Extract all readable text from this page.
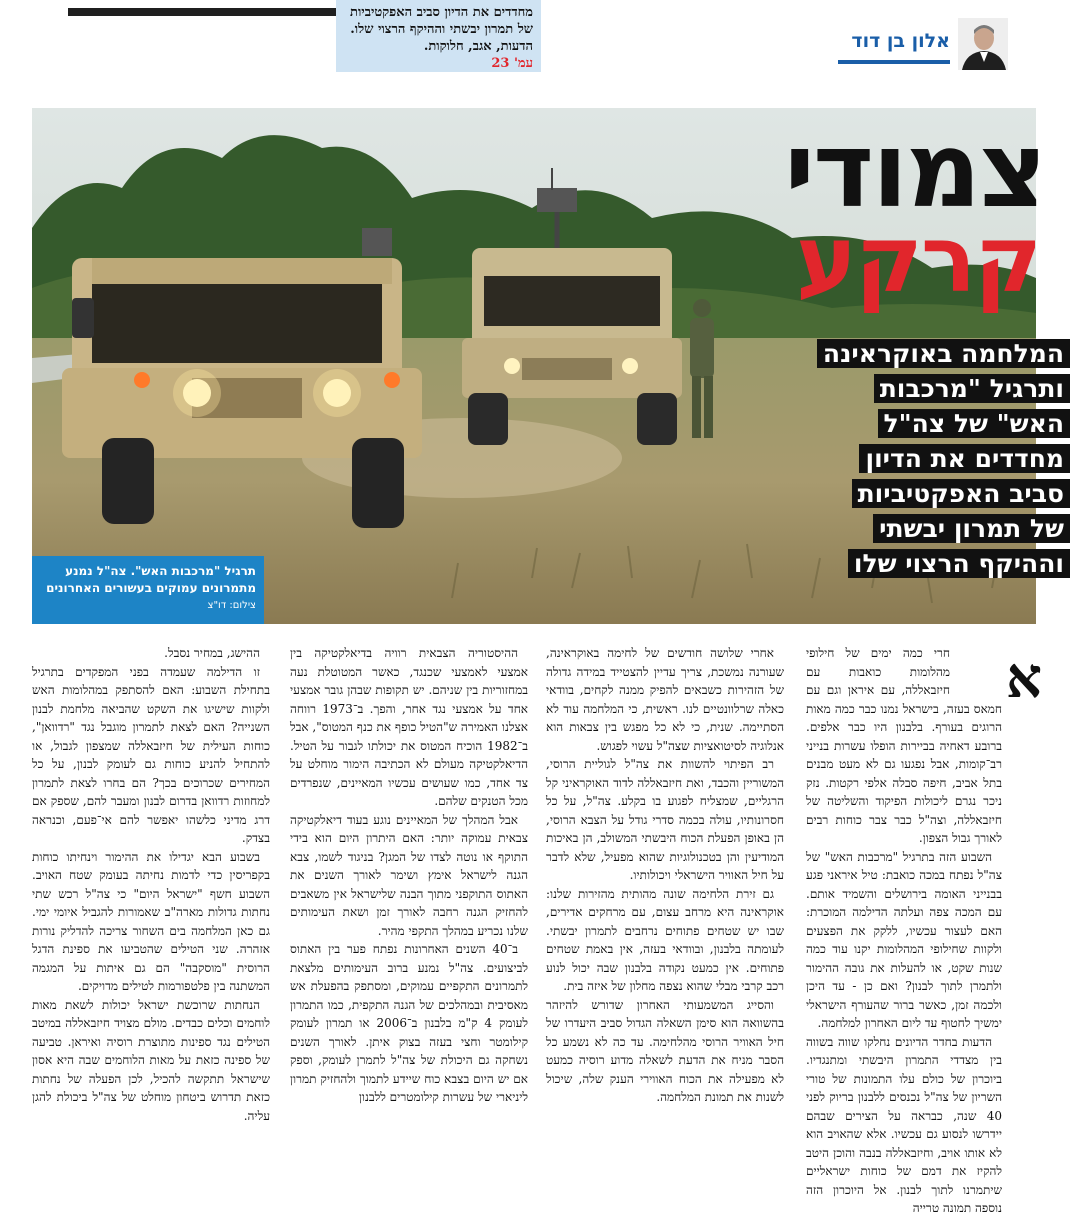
מחדדים את הדיון סביב האפקטיביות
של תמרון יבשתי וההיקף הרצוי שלו.
הדעות, אגב, חלוקות.
עמ' 23
אלון בן דוד
צמודי
קרקע
המלחמה באוקראינה
ותרגיל "מרכבות
האש" של צה"ל
מחדדים את הדיון
סביב האפקטיביות
של תמרון יבשתי
וההיקף הרצוי שלו
תרגיל "מרכבות האש". צה"ל נמנע מתמרונים עמוקים בעשורים האחרונים
צילום: דו"צ
א

חרי כמה ימים של חילופי מהלומות כואבות עם חיזבאללה, עם איראן וגם עם חמאס בעזה, בישראל נמנו כבר כמה מאות הרוגים בעורף. בלבנון היו כבר אלפים. ברובע דאחיה בביירות הופלו עשרות בנייני רב־קומות, אבל נפגעו גם לא מעט מבנים בתל אביב, חיפה סבלה אלפי רקטות. נזק ניכר נגרם ליכולות הפיקוד והשליטה של חיזבאללה, וצה"ל כבר צבר כוחות רבים לאורך גבול הצפון.

השבוע הזה בתרגיל "מרכבות האש" של צה"ל נפתח במכה כואבת: טיל איראני פגע בבנייני האומה בירושלים והשמיד אותם. עם המכה צפה ועלתה הדילמה המוכרת: האם לעצור עכשיו, ללקק את הפצעים ולקוות שחילופי המהלומות יקנו עוד כמה שנות שקט, או להעלות את גובה ההימור ולתמרן לתוך לבנון? ואם כן - עד היכן ולכמה זמן, כאשר ברור שהעורף הישראלי ימשיך לחטוף עד ליום האחרון למלחמה.

הדעות בחדר הדיונים נחלקו שווה בשווה בין מצדדי התמרון היבשתי ומתנגדיו. ביוכרון של כולם עלו התמונות של טורי השריון של צה"ל נכנסים ללבנון בריוק לפני 40 שנה, כבראה על הצירים שבהם יידרשו לנסוע גם עכשיו. אלא שהאויב הוא לא אותו אויב, וחיזבאללה בנבה והוכן היטב להקיז את דמם של כוחות ישראליים שיתמרנו לתוך לבנון. אל היוכרון הזה נוספה תמונה טרייה

אחרי שלושה חודשים של לחימה באוקראינה, שעורנה נמשכת, צריך עדיין להצטייד במידה גדולה של הזהירות כשבאים להפיק ממנה לקחים, בוודאי כאלה שרלוונטיים לנו. ראשית, כי המלחמה עוד לא הסתיימה. שנית, כי לא כל מפגש בין צבאות הוא אנלוגיה לסיטואציות שצה"ל עשוי לפגוש.

רב הפיתוי להשוות את צה"ל לגוליית הרוסי, המשוריין והכבד, ואת חיזבאללה לדוד האוקראיני קל הרגליים, שמצליח לפגוע בו בקלע. צה"ל, על כל חסרונותיו, עולה בכמה סדרי גודל על הצבא הרוסי, הן באופן הפעלת הכוח היבשתי המשולב, הן באיכות המודיעין והן בטכנולוגיות שהוא מפעיל, שלא לדבר על חיל האוויר הישראלי ויכולותיו.

גם זירת הלחימה שונה מהותית מהזירות שלנו: אוקראינה היא מרחב עצום, עם מרחקים אדירים, שבו יש שטחים פתוחים נרחבים לתמרון יבשתי. לעומתה בלבנון, ובוודאי בעזה, אין באמת שטחים פתוחים. אין כמעט נקודה בלבנון שבה יכול לנוע רכב קרבי מבלי שהוא נצפה מחלון של איזה בית.

והסייג המשמעותי האחרון שדורש להיזהר בהשוואה הוא סימן השאלה הגדול סביב היעדרו של חיל האוויר הרוסי מהלחימה. עד כה לא נשמע כל הסבר מניח את הדעת לשאלה מדוע רוסיה כמעט לא מפעילה את הכוח האווירי הענק שלה, שיכול לשנות את תמונת המלחמה.

ההיסטוריה הצבאית רוויה בדיאלקטיקה בין אמצעי לאמצעי שכנגד, כאשר המטוטלת נעה במחזוריות בין שניהם. יש תקופות שבהן גובר אמצעי אחד על אמצעי נגד אחר, והפך. ב־1973 רווחה אצלנו האמירה ש"הטיל כופף את כנף המטוס", אבל ב־1982 הוכיח המטוס את יכולתו לגבור על הטיל. הדיאלקטיקה מעולם לא הכתיבה הימור מוחלט על צד אחד, כמו שעושים עכשיו המאיינים, שנפרדים מכל הטנקים שלהם.

אבל המהלך של המאיינים נוגע בעוד דיאלקטיקה צבאית עמוקה יותר: האם היתרון היום הוא בידי התוקף או נוטה לצדו של המגן? בניגוד לשמו, צבא הגנה לישראל אימץ ושימר לאורך השנים את האתוס התוקפני מתוך הבנה שלישראל אין משאבים להחזיק הגנה רחבה לאורך זמן ושאת העימותים שלנו נכריע במהלך התקפי מהיר.

ב־40 השנים האחרונות נפתח פער בין האתוס לביצועים. צה"ל נמנע ברוב העימותים מלצאת לתמרונים התקפיים עמוקים, ומסתפק בהפעלת אש מאסיבית ובמהלכים של הגנה התקפית, כמו התמרון לעומק 4 ק"מ בלבנון ב־2006 או תמרון לעומק קילומטר וחצי בעזה בצוק איתן. לאורך השנים נשחקה גם היכולת של צה"ל לתמרן לעומק, וספק אם יש היום בצבא כוח שיידע לתמוך ולהחזיק תמרון ליניארי של עשרות קילומטרים ללבנון

ההישג, במחיר נסבל.

זו הדילמה שעמדה בפני המפקדים בתרגיל בתחילת השבוע: האם להסתפק במהלומות האש ולקוות שישיגו את השקט שהביאה מלחמת לבנון השנייה? האם לצאת לתמרון מוגבל נגד "רדוואן", כוחות העילית של חיזבאללה שמצפון לגבול, או להתחיל להניע כוחות גם לעומק לבנון, על כל המחירים שכרוכים בכך? הם בחרו לצאת לתמרון למחוזות רדוואן בדרום לבנון ומעבר להם, שספק אם דרג מדיני כלשהו יאפשר להם אי־פעם, וכנראה בצדק.

בשבוע הבא יגדילו את ההימור וינחיתו כוחות בקפריסין כדי לדמות נחיתה בעומק שטח האויב. השבוע חשף "ישראל היום" כי צה"ל רכש שתי נחתות גדולות מארה"ב שאמורות להגביל איומי ימי. גם כאן המלחמה בים השחור צריכה להדליק נורות אזהרה. שני הטילים שהטביעו את ספינת הדגל הרוסית "מוסקבה" הם גם איתות על המגמה המשתנה בין פלטפורמות לטילים מדויקים.

הנחתות שרוכשת ישראל יכולות לשאת מאות לוחמים וכלים כבדים. מולם מצויד חיזבאללה במיטב הטילים נגד ספינות מתוצרת רוסיה ואיראן. טביעה של ספינה כזאת על מאות הלוחמים שבה היא אסון שישראל תתקשה להכיל, לכן הפעלה של נחתות כזאת תדרוש ביטחון מוחלט של צה"ל ביכולת להגן עליה.
